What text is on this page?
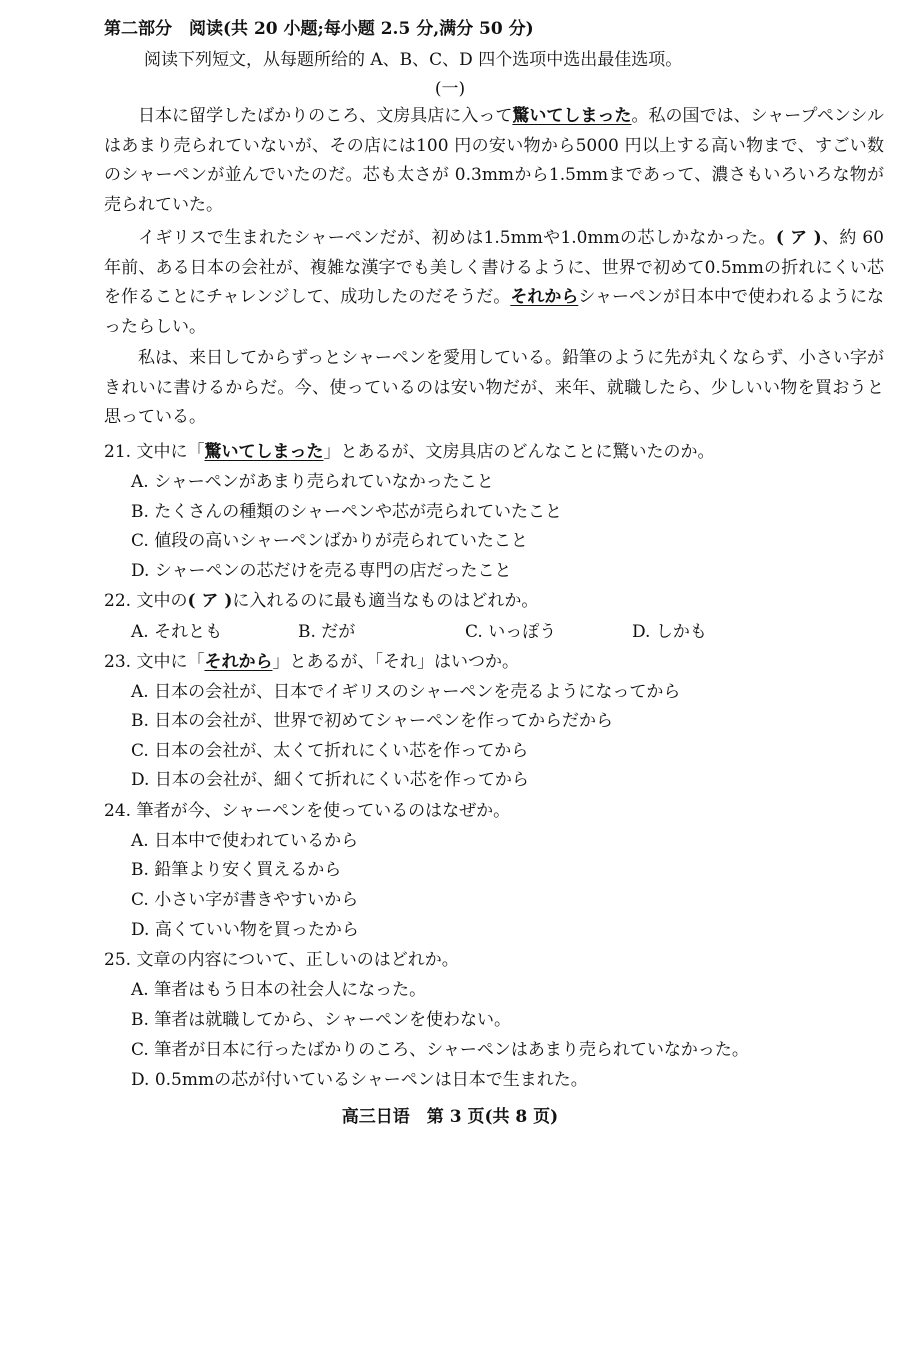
第二部分　阅读(共 20 小题;每小题 2.5 分,满分 50 分)
阅读下列短文，从每题所给的 A、B、C、D 四个选项中选出最佳选项。
(一)
日本に留学したばかりのころ、文房具店に入って驚いてしまった。私の国では、シャープペンシルはあまり売られていないが、その店には100 円の安い物から5000 円以上する高い物まで、すごい数のシャーペンが並んでいたのだ。芯も太さが 0.3mmから1.5mmまであって、濃さもいろいろな物が売られていた。
イギリスで生まれたシャーペンだが、初めは1.5mmや1.0mmの芯しかなかった。( ア )、約 60 年前、ある日本の会社が、複雑な漢字でも美しく書けるように、世界で初めて0.5mmの折れにくい芯を作ることにチャレンジして、成功したのだそうだ。それからシャーペンが日本中で使われるようになったらしい。
私は、来日してからずっとシャーペンを愛用している。鉛筆のように先が丸くならず、小さい字がきれいに書けるからだ。今、使っているのは安い物だが、来年、就職したら、少しいい物を買おうと思っている。
21. 文中に「驚いてしまった」とあるが、文房具店のどんなことに驚いたのか。
A. シャーペンがあまり売られていなかったこと
B. たくさんの種類のシャーペンや芯が売られていたこと
C. 値段の高いシャーペンばかりが売られていたこと
D. シャーペンの芯だけを売る専門の店だったこと
22. 文中の( ア )に入れるのに最も適当なものはどれか。
A. それとも	B. だが	C. いっぽう	D. しかも
23. 文中に「それから」とあるが、「それ」はいつか。
A. 日本の会社が、日本でイギリスのシャーペンを売るようになってから
B. 日本の会社が、世界で初めてシャーペンを作ってからだから
C. 日本の会社が、太くて折れにくい芯を作ってから
D. 日本の会社が、細くて折れにくい芯を作ってから
24. 筆者が今、シャーペンを使っているのはなぜか。
A. 日本中で使われているから
B. 鉛筆より安く買えるから
C. 小さい字が書きやすいから
D. 高くていい物を買ったから
25. 文章の内容について、正しいのはどれか。
A. 筆者はもう日本の社会人になった。
B. 筆者は就職してから、シャーペンを使わない。
C. 筆者が日本に行ったばかりのころ、シャーペンはあまり売られていなかった。
D. 0.5mmの芯が付いているシャーペンは日本で生まれた。
高三日语　第 3 页(共 8 页)
